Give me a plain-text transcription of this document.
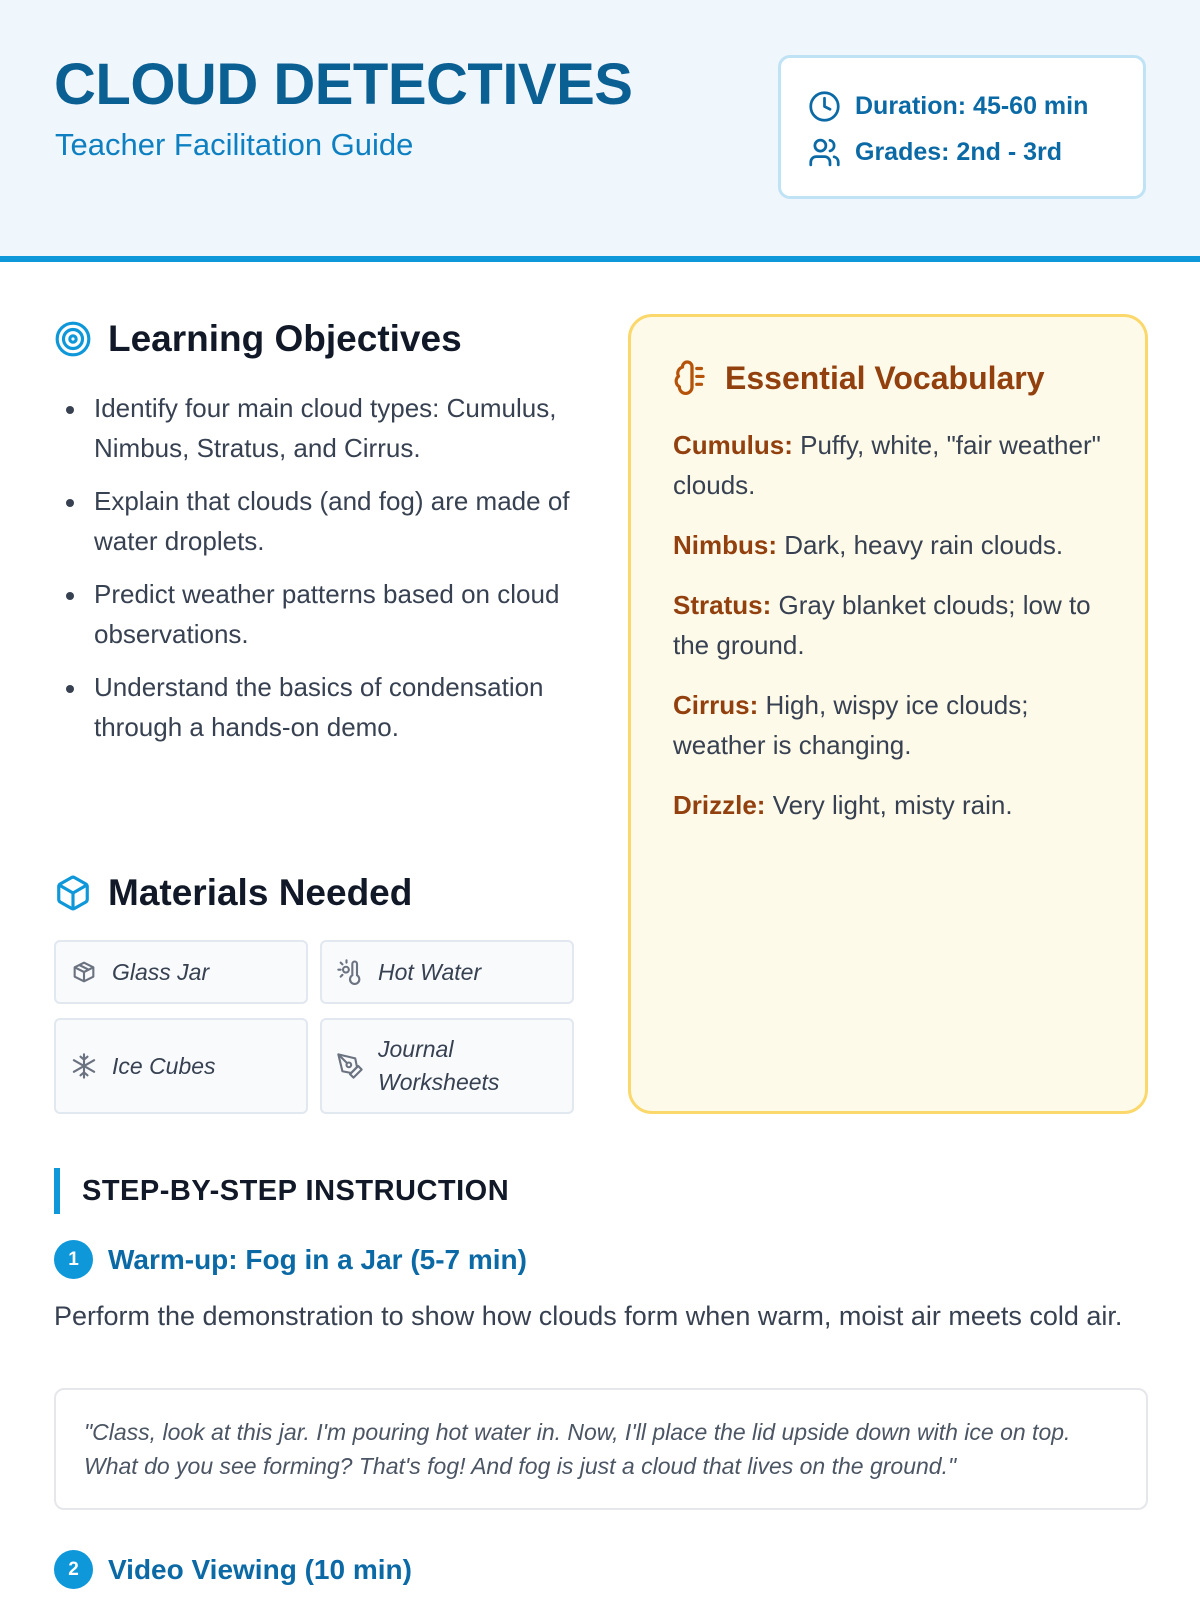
CLOUD DETECTIVES
Teacher Facilitation Guide
Duration: 45-60 min
Grades: 2nd - 3rd
Learning Objectives
Identify four main cloud types: Cumulus, Nimbus, Stratus, and Cirrus.
Explain that clouds (and fog) are made of water droplets.
Predict weather patterns based on cloud observations.
Understand the basics of condensation through a hands-on demo.
Materials Needed
Glass Jar	Hot Water
Ice Cubes
Journal Worksheets
Essential Vocabulary
Cumulus: Puffy, white, "fair weather" clouds.
Nimbus: Dark, heavy rain clouds.
Stratus: Gray blanket clouds; low to the ground.
Cirrus: High, wispy ice clouds; weather is changing.
Drizzle: Very light, misty rain.
STEP-BY-STEP INSTRUCTION
1	Warm-up: Fog in a Jar (5-7 min)
Perform the demonstration to show how clouds form when warm, moist air meets cold air.
"Class, look at this jar. I'm pouring hot water in. Now, I'll place the lid upside down with ice on top. What do you see forming? That's fog! And fog is just a cloud that lives on the ground."
2	Video Viewing (10 min)
